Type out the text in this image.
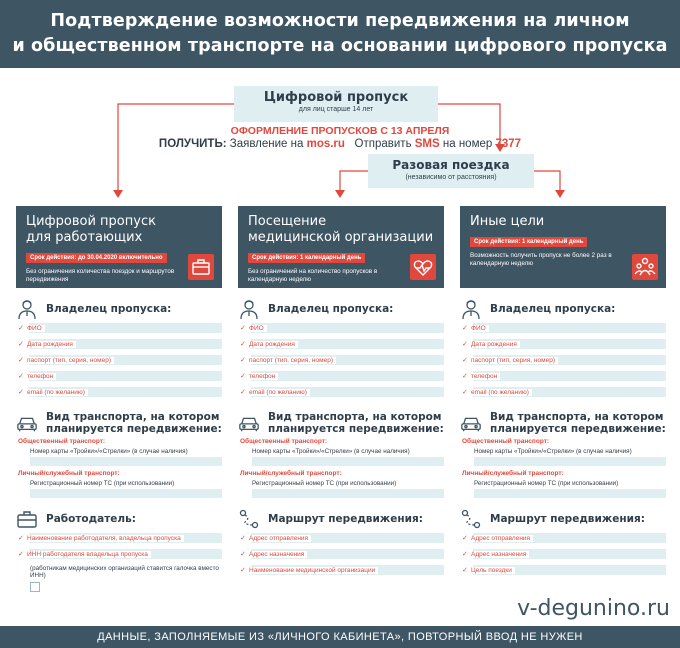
Подтверждение возможности передвижения на личном
и общественном транспорте на основании цифрового пропуска
Цифровой пропуск
для лиц старше 14 лет
ОФОРМЛЕНИЕ ПРОПУСКОВ С 13 АПРЕЛЯ
ПОЛУЧИТЬ: Заявление на mos.ru Отправить SMS на номер 7377
Разовая поездка
(независимо от расстояния)
Цифровой пропуск
для работающих
Срок действия: до 30.04.2020 включительно
Без ограничения количества поездок и маршрутов передвижения
Владелец пропуска:
✓ ФИО
✓ Дата рождения
✓ паспорт (тип, серия, номер)
✓ телефон
✓ email (по желанию)
Вид транспорта, на котором
планируется передвижение:
Общественный транспорт:
Номер карты «Тройки»/«Стрелки» (в случае наличия)
Личный/служебный транспорт:
Регистрационный номер ТС (при использовании)
Работодатель:
✓ Наименование работодателя, владельца пропуска
✓ ИНН работодателя владельца пропуска
(работникам медицинских организаций ставится галочка вместо ИНН)
Посещение
медицинской организации
Срок действия: 1 календарный день
Без ограничений на количество пропусков в календарную неделю
Владелец пропуска:
✓ ФИО
✓ Дата рождения
✓ паспорт (тип, серия, номер)
✓ телефон
✓ email (по желанию)
Вид транспорта, на котором
планируется передвижение:
Общественный транспорт:
Номер карты «Тройки»/«Стрелки» (в случае наличия)
Личный/служебный транспорт:
Регистрационный номер ТС (при использовании)
Маршрут передвижения:
✓ Адрес отправления
✓ Адрес назначения
✓ Наименование медицинской организации
Иные цели
Срок действия: 1 календарный день
Возможность получить пропуск не более 2 раз в календарную неделю
Владелец пропуска:
✓ ФИО
✓ Дата рождения
✓ паспорт (тип, серия, номер)
✓ телефон
✓ email (по желанию)
Вид транспорта, на котором
планируется передвижение:
Общественный транспорт:
Номер карты «Тройки»/«Стрелки» (в случае наличия)
Личный/служебный транспорт:
Регистрационный номер ТС (при использовании)
Маршрут передвижения:
✓ Адрес отправления
✓ Адрес назначения
✓ Цель поездки
v-degunino.ru
ДАННЫЕ, ЗАПОЛНЯЕМЫЕ ИЗ «ЛИЧНОГО КАБИНЕТА», ПОВТОРНЫЙ ВВОД НЕ НУЖЕН
